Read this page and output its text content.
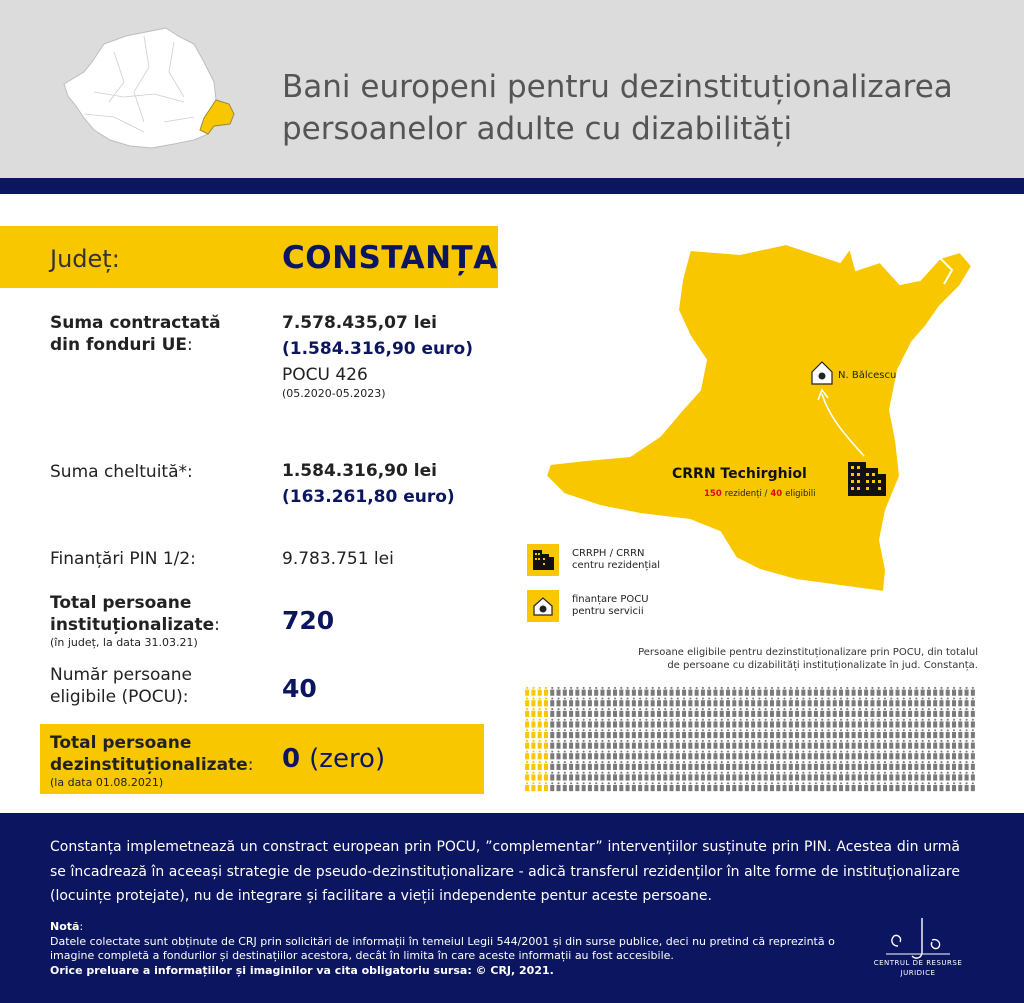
Bani europeni pentru dezinstituționalizarea
persoanelor adulte cu dizabilități
Județ:	CONSTANȚA
Suma contractată
din fonduri UE:
7.578.435,07 lei
(1.584.316,90 euro)
POCU 426
(05.2020-05.2023)
Suma cheltuită*:	1.584.316,90 lei
(163.261,80 euro)
Finanțări PIN 1/2:	9.783.751 lei
Total persoane
instituționalizate:
(în județ, la data 31.03.21)
720
Număr persoane
eligibile (POCU):	40
Total persoane
dezinstituționalizate:
(la data 01.08.2021)
0 (zero)
N. Bălcescu
CRRN Techirghiol
150 rezidenți / 40 eligibili
CRRPH / CRRN
centru rezidențial
finanțare POCU
pentru servicii
Persoane eligibile pentru dezinstituționalizare prin POCU, din totalul
de persoane cu dizabilități instituționalizate în jud. Constanța.
Constanța implemetnează un constract european prin POCU, ”complementar” intervențiilor susținute prin PIN. Acestea din urmă se încadrează în aceeași strategie de pseudo-dezinstituționalizare - adică transferul rezidenților în alte forme de instituționalizare (locuințe protejate), nu de integrare și facilitare a vieții independente pentur aceste persoane.
Notă:
Datele colectate sunt obținute de CRJ prin solicitări de informații în temeiul Legii 544/2001 și din surse publice, deci nu pretind că reprezintă o imagine completă a fondurilor și destinațiilor acestora, decât în limita în care aceste informații au fost accesibile.
Orice preluare a informațiilor și imaginilor va cita obligatoriu sursa: © CRJ, 2021.
CENTRUL DE RESURSE
JURIDICE
